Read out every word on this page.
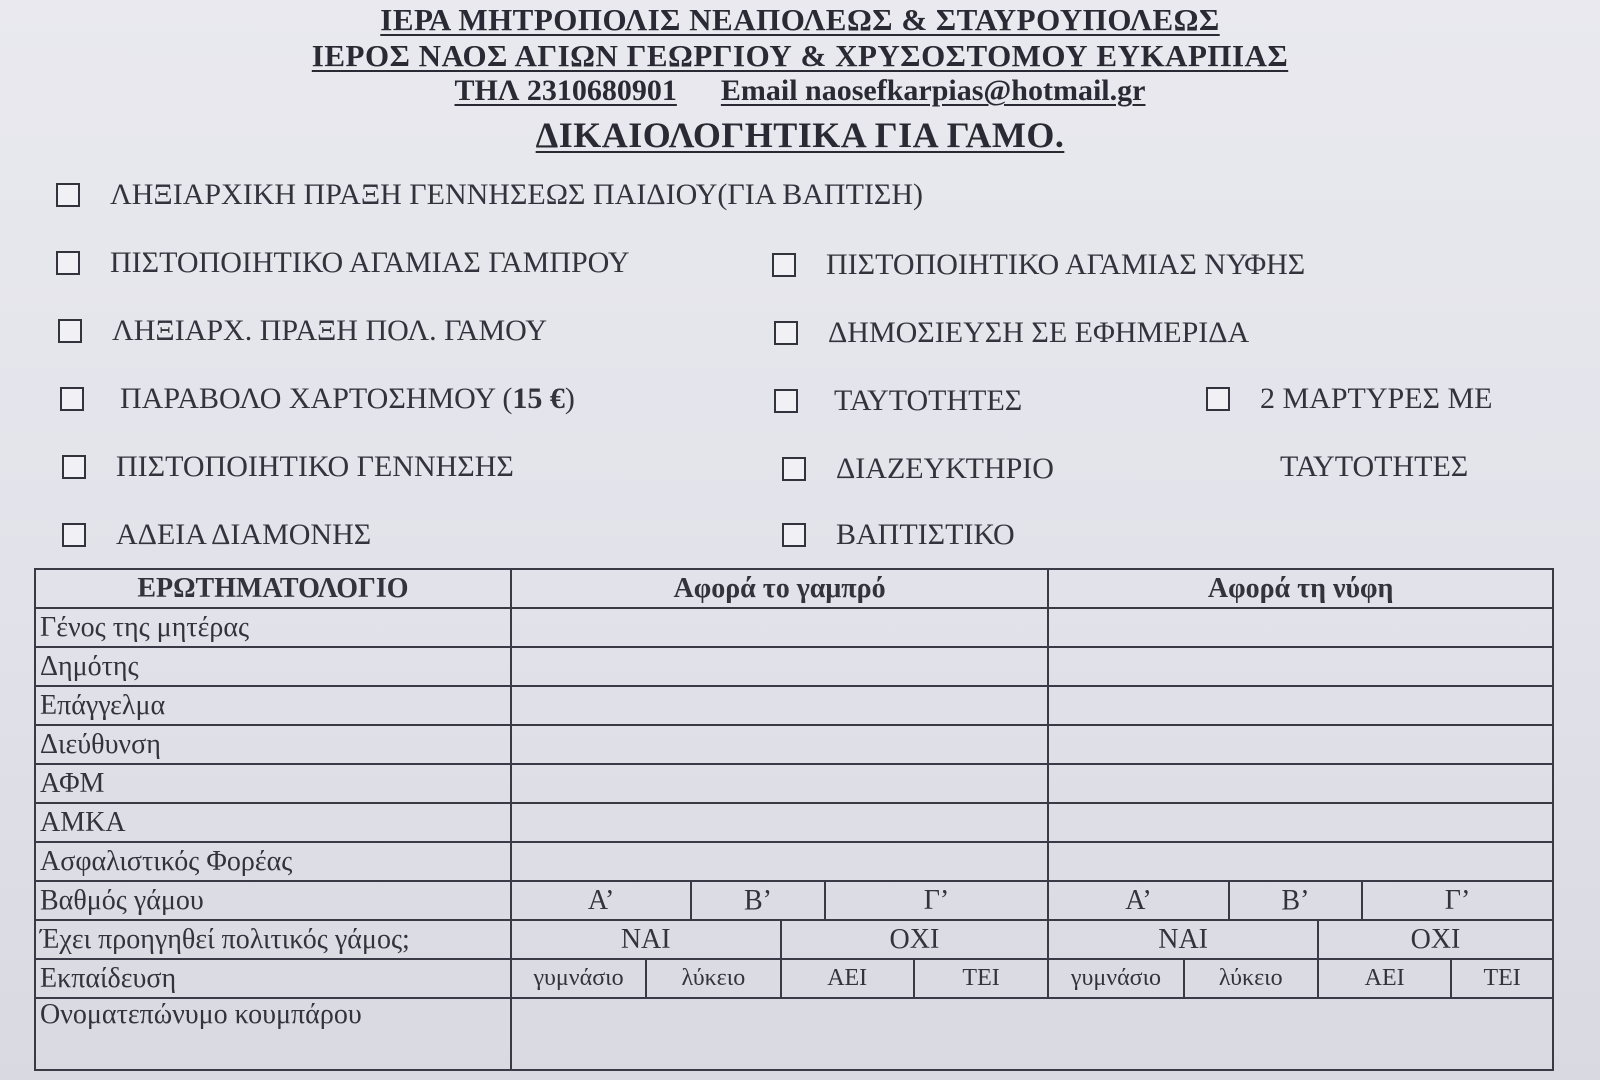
ΙΕΡΑ ΜΗΤΡΟΠΟΛΙΣ ΝΕΑΠΟΛΕΩΣ & ΣΤΑΥΡΟΥΠΟΛΕΩΣ
ΙΕΡΟΣ ΝΑΟΣ ΑΓΙΩΝ ΓΕΩΡΓΙΟΥ & ΧΡΥΣΟΣΤΟΜΟΥ ΕΥΚΑΡΠΙΑΣ
ΤΗΛ 2310680901 Email naosefkarpias@hotmail.gr
ΔΙΚΑΙΟΛΟΓΗΤΙΚΑ ΓΙΑ ΓΑΜΟ.
ΛΗΞΙΑΡΧΙΚΗ ΠΡΑΞΗ ΓΕΝΝΗΣΕΩΣ ΠΑΙΔΙΟΥ(ΓΙΑ ΒΑΠΤΙΣΗ)
ΠΙΣΤΟΠΟΙΗΤΙΚΟ ΑΓΑΜΙΑΣ ΓΑΜΠΡΟΥ	ΠΙΣΤΟΠΟΙΗΤΙΚΟ ΑΓΑΜΙΑΣ ΝΥΦΗΣ
ΛΗΞΙΑΡΧ. ΠΡΑΞΗ ΠΟΛ. ΓΑΜΟΥ	ΔΗΜΟΣΙΕΥΣΗ ΣΕ ΕΦΗΜΕΡΙΔΑ
ΠΑΡΑΒΟΛΟ ΧΑΡΤΟΣΗΜΟΥ (15 €)	ΤΑΥΤΟΤΗΤΕΣ	2 ΜΑΡΤΥΡΕΣ ΜΕ
ΠΙΣΤΟΠΟΙΗΤΙΚΟ ΓΕΝΝΗΣΗΣ	ΔΙΑΖΕΥΚΤΗΡΙΟ	ΤΑΥΤΟΤΗΤΕΣ
ΑΔΕΙΑ ΔΙΑΜΟΝΗΣ	ΒΑΠΤΙΣΤΙΚΟ
ΕΡΩΤΗΜΑΤΟΛΟΓΙΟ	Αφορά το γαμπρό						Αφορά τη νύφη					
Γένος της μητέρας												
Δημότης												
Επάγγελμα												
Διεύθυνση												
ΑΦΜ												
ΑΜΚΑ												
Ασφαλιστικός Φορέας												
Βαθμός γάμου	Α’		Β’		Γ’		Α’		Β’		Γ’	
Έχει προηγηθεί πολιτικός γάμος;	ΝΑΙ			ΟΧΙ			ΝΑΙ			ΟΧΙ		
Εκπαίδευση	γυμνάσιο	λύκειο		ΑΕΙ		ΤΕΙ	γυμνάσιο	λύκειο		ΑΕΙ		ΤΕΙ
Ονοματεπώνυμο κουμπάρου												
